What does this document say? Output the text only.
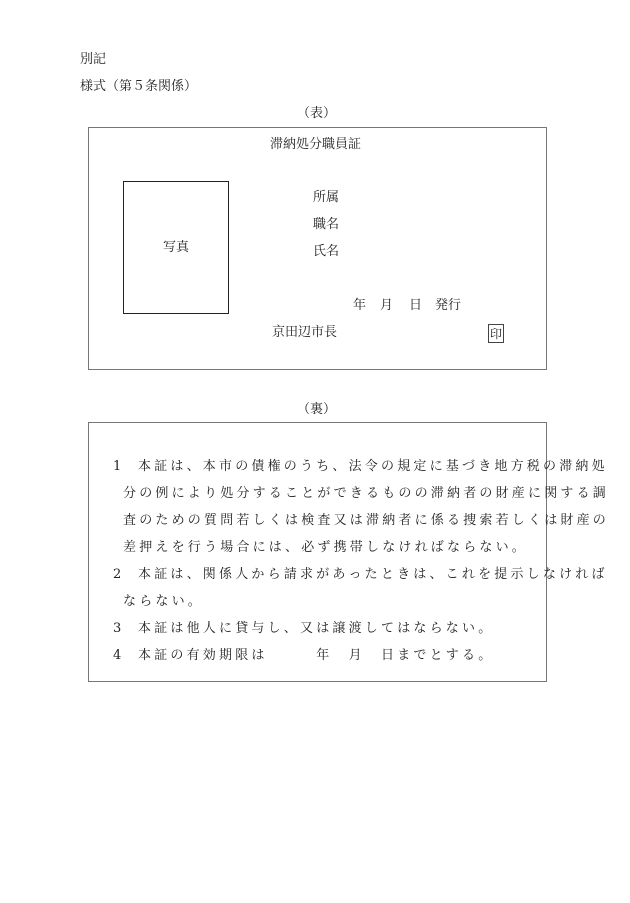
別記
様式（第５条関係）
（表）
滞納処分職員証
写真
所属
職名
氏名
年 月 日 発行
京田辺市長	印
（裏）
1 本証は、本市の債権のうち、法令の規定に基づき地方税の滞納処
分の例により処分することができるものの滞納者の財産に関する調
査のための質問若しくは検査又は滞納者に係る捜索若しくは財産の
差押えを行う場合には、必ず携帯しなければならない。
2 本証は、関係人から請求があったときは、これを提示しなければ
ならない。
3 本証は他人に貸与し、又は譲渡してはならない。
4 本証の有効期限は　　　年　月　日までとする。
